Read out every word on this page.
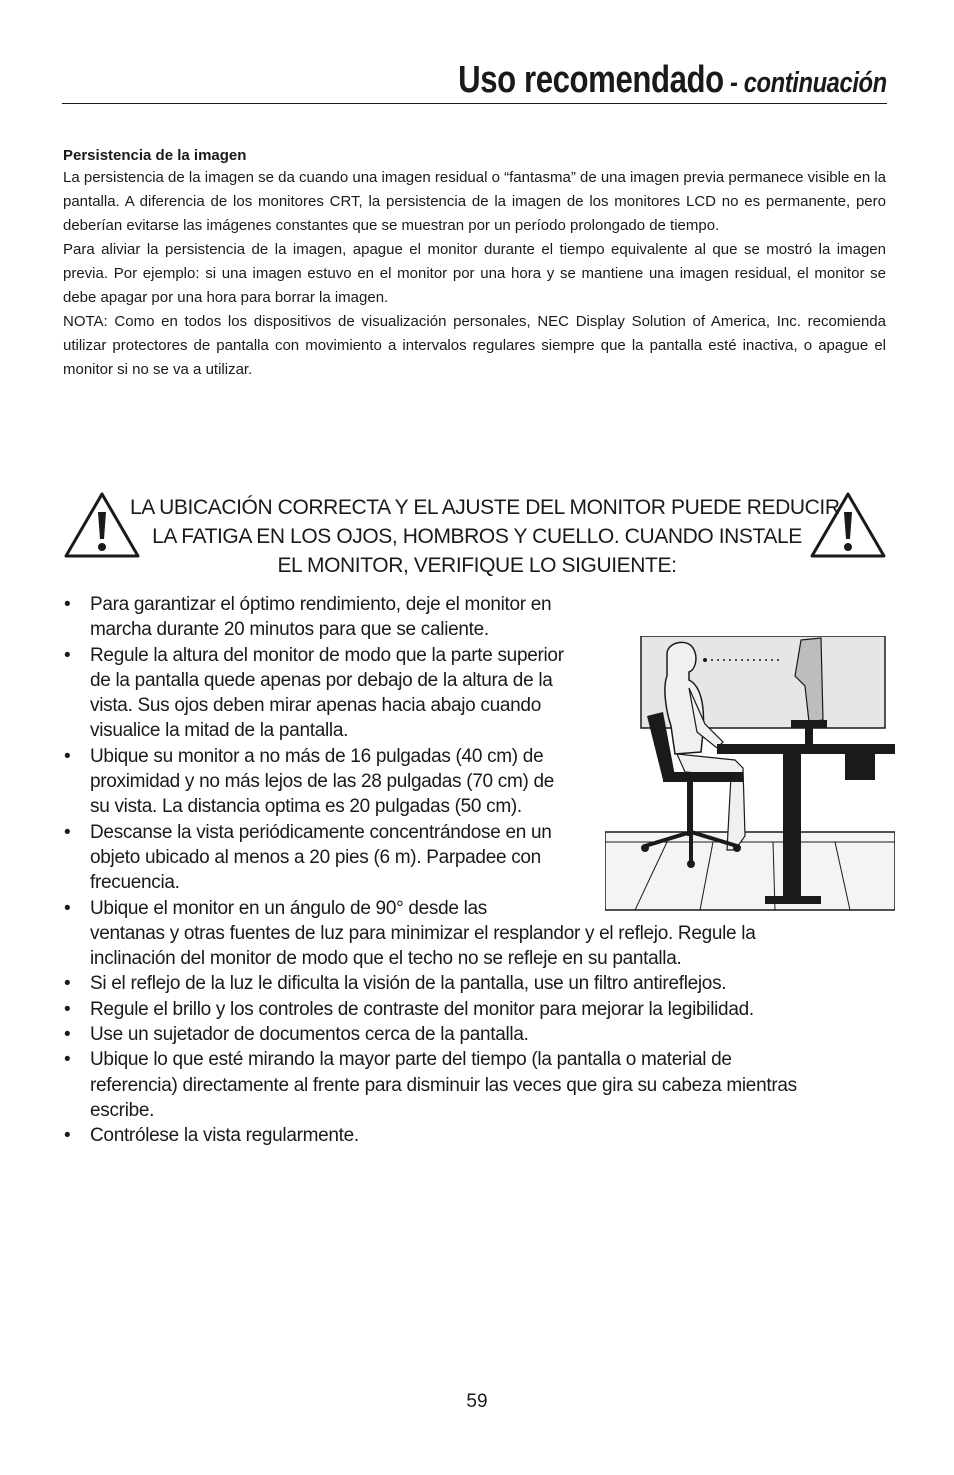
Uso recomendado - continuación
Persistencia de la imagen

La persistencia de la imagen se da cuando una imagen residual o “fantasma” de una imagen previa permanece visible en la pantalla. A diferencia de los monitores CRT, la persistencia de la imagen de los monitores LCD no es permanente, pero deberían evitarse las imágenes constantes que se muestran por un período prolongado de tiempo.

Para aliviar la persistencia de la imagen, apague el monitor durante el tiempo equivalente al que se mostró la imagen previa. Por ejemplo: si una imagen estuvo en el monitor por una hora y se mantiene una imagen residual, el monitor se debe apagar por una hora para borrar la imagen.

NOTA: Como en todos los dispositivos de visualización personales, NEC Display Solution of America, Inc. recomienda utilizar protectores de pantalla con movimiento a intervalos regulares siempre que la pantalla esté inactiva, o apague el monitor si no se va a utilizar.

LA UBICACIÓN CORRECTA Y EL AJUSTE DEL MONITOR PUEDE REDUCIR
LA FATIGA EN LOS OJOS, HOMBROS Y CUELLO. CUANDO INSTALE
EL MONITOR, VERIFIQUE LO SIGUIENTE:
• Para garantizar el óptimo rendimiento, deje el monitor en
marcha durante 20 minutos para que se caliente.
• Regule la altura del monitor de modo que la parte superior
de la pantalla quede apenas por debajo de la altura de la
vista. Sus ojos deben mirar apenas hacia abajo cuando
visualice la mitad de la pantalla.
• Ubique su monitor a no más de 16 pulgadas (40 cm) de
proximidad y no más lejos de las 28 pulgadas (70 cm) de
su vista. La distancia optima es 20 pulgadas (50 cm).
• Descanse la vista periódicamente concentrándose en un
objeto ubicado al menos a 20 pies (6 m). Parpadee con
frecuencia.
• Ubique el monitor en un ángulo de 90° desde las
ventanas y otras fuentes de luz para minimizar el resplandor y el reflejo. Regule la
inclinación del monitor de modo que el techo no se refleje en su pantalla.
• Si el reflejo de la luz le dificulta la visión de la pantalla, use un filtro antireflejos.
• Regule el brillo y los controles de contraste del monitor para mejorar la legibilidad.
• Use un sujetador de documentos cerca de la pantalla.
• Ubique lo que esté mirando la mayor parte del tiempo (la pantalla o material de
referencia) directamente al frente para disminuir las veces que gira su cabeza mientras
escribe.
• Contrólese la vista regularmente.
59
